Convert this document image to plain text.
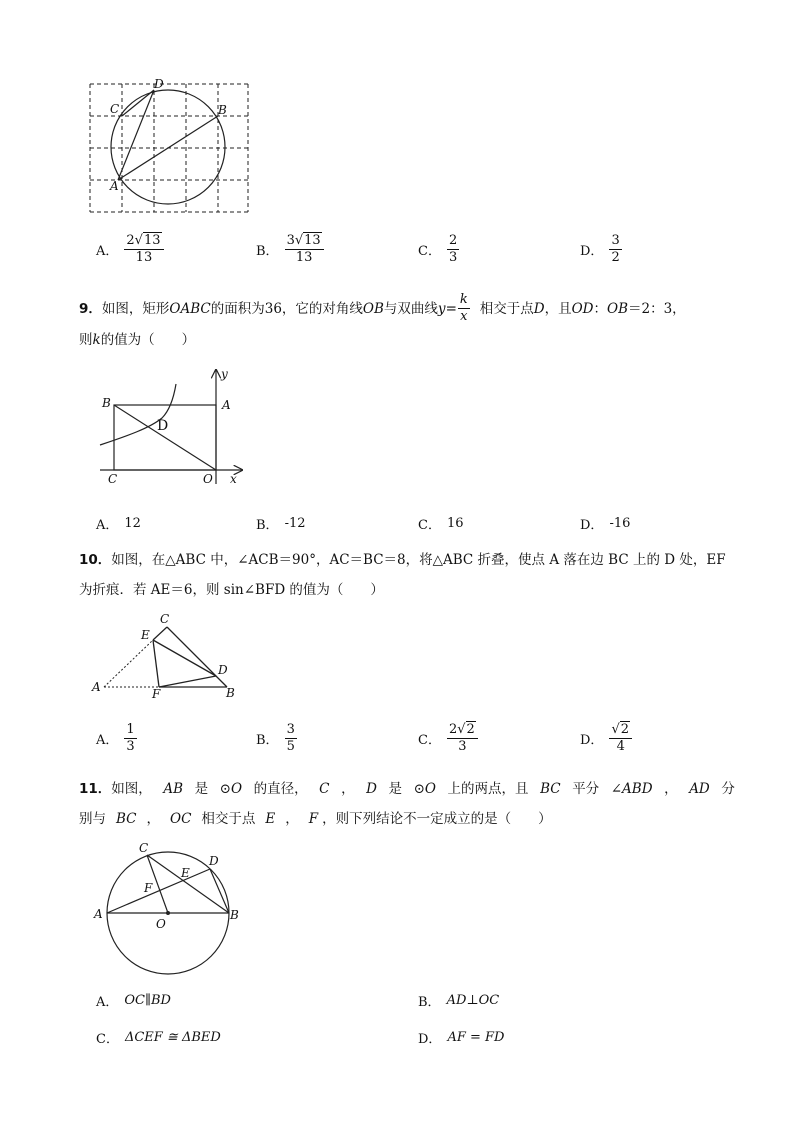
D
C	B
A
A． $\frac{2√13}{13}$	B． $\frac{3√13}{13}$	C． $\frac{2}{3}$	D． $\frac{3}{2}$
9． 如图，矩形 OABC 的面积为36，它的对角线 OB 与双曲线 $y = \frac{k}{x}$ 相交于点 D ，且 OD ： OB ＝2：3，
则k的值为（　　）
y
B	A
D
C	O x
A． 12	B． -12	C． 16	D． -16
10．如图，在△ABC 中，∠ACB＝90°，AC＝BC＝8，将△ABC 折叠，使点 A 落在边 BC 上的 D 处，EF
为折痕．若 AE＝6，则 sin∠BFD 的值为（　　）
C
E
D
A	F	B
A． $\frac{1}{3}$	B． $\frac{3}{5}$	C． $\frac{2√2}{3}$	D． $\frac{√2}{4}$
11．如图， AB 是 ⊙O 的直径， C ， D 是 ⊙O 上的两点，且 BC 平分 ∠ABD ， AD 分
别与 BC ， OC 相交于点 E ， F ，则下列结论不一定成立的是（　　）
C
D
E
F
A
O
B
A． OC∥BD	B． AD⊥OC
C． ΔCEF ≅ ΔBED	D． AF = FD
